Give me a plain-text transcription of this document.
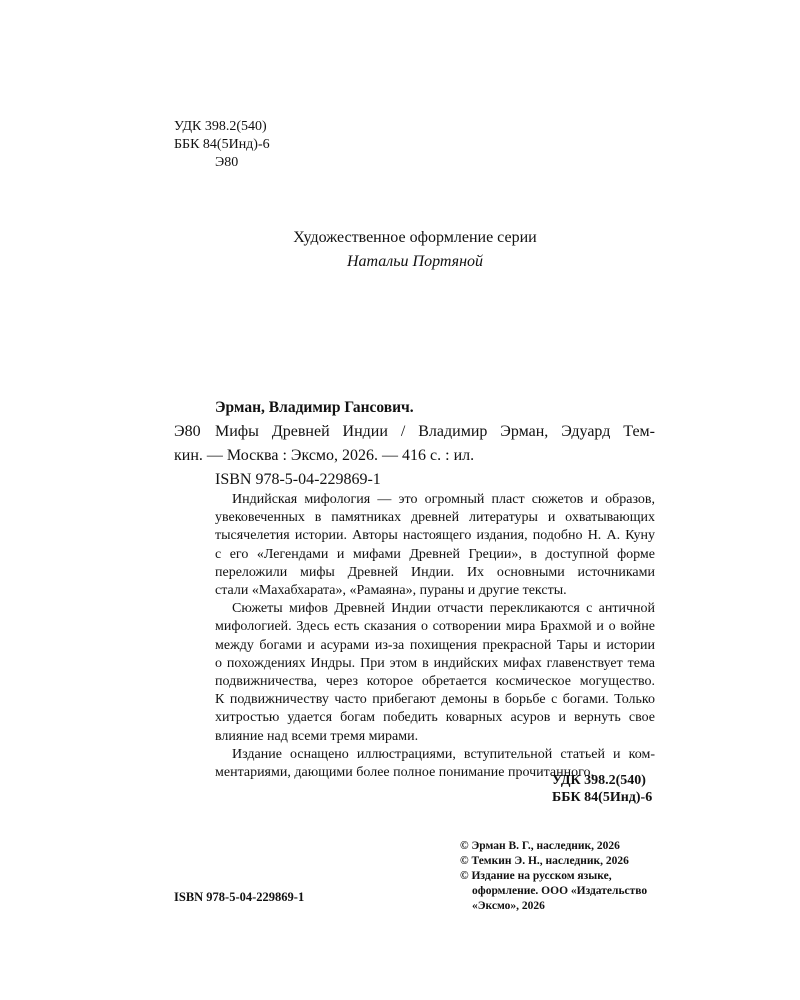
УДК 398.2(540)
ББК 84(5Инд)-6
Э80
Художественное оформление серии
Натальи Портяной
Эрман, Владимир Гансович.
Э80 Мифы Древней Индии / Владимир Эрман, Эдуард Тем-
кин. — Москва : Эксмо, 2026. — 416 с. : ил.
ISBN 978-5-04-229869-1
Индийская мифология — это огромный пласт сюжетов и образов,
увековеченных в памятниках древней литературы и охватывающих
тысячелетия истории. Авторы настоящего издания, подобно Н. А. Куну
с его «Легендами и мифами Древней Греции», в доступной форме
переложили мифы Древней Индии. Их основными источниками
стали «Махабхарата», «Рамаяна», пураны и другие тексты.
Сюжеты мифов Древней Индии отчасти перекликаются с античной
мифологией. Здесь есть сказания о сотворении мира Брахмой и о войне
между богами и асурами из-за похищения прекрасной Тары и истории
о похождениях Индры. При этом в индийских мифах главенствует тема
подвижничества, через которое обретается космическое могущество.
К подвижничеству часто прибегают демоны в борьбе с богами. Только
хитростью удается богам победить коварных асуров и вернуть свое
влияние над всеми тремя мирами.
Издание оснащено иллюстрациями, вступительной статьей и ком-
ментариями, дающими более полное понимание прочитанного.
УДК 398.2(540)
ББК 84(5Инд)-6
ISBN 978-5-04-229869-1
© Эрман В. Г., наследник, 2026
© Темкин Э. Н., наследник, 2026
© Издание на русском языке,
оформление. ООО «Издательство
«Эксмо», 2026
